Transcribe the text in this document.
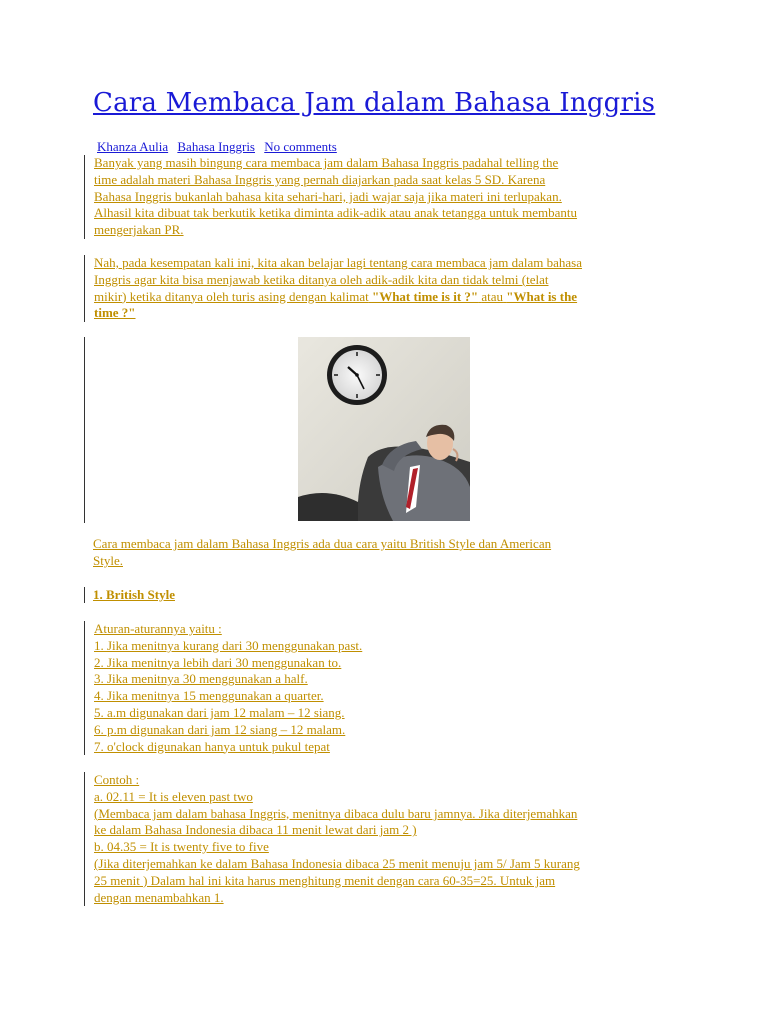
Cara Membaca Jam dalam Bahasa Inggris
Khanza Aulia Bahasa Inggris No comments
Banyak yang masih bingung cara membaca jam dalam Bahasa Inggris padahal telling the
time adalah materi Bahasa Inggris yang pernah diajarkan pada saat kelas 5 SD. Karena
Bahasa Inggris bukanlah bahasa kita sehari-hari, jadi wajar saja jika materi ini terlupakan.
Alhasil kita dibuat tak berkutik ketika diminta adik-adik atau anak tetangga untuk membantu
mengerjakan PR.
Nah, pada kesempatan kali ini, kita akan belajar lagi tentang cara membaca jam dalam bahasa
Inggris agar kita bisa menjawab ketika ditanya oleh adik-adik kita dan tidak telmi (telat
mikir) ketika ditanya oleh turis asing dengan kalimat "What time is it ?" atau "What is the
time ?"
Cara membaca jam dalam Bahasa Inggris ada dua cara yaitu British Style dan American
Style.
1. British Style
Aturan-aturannya yaitu :
1. Jika menitnya kurang dari 30 menggunakan past.
2. Jika menitnya lebih dari 30 menggunakan to.
3. Jika menitnya 30 menggunakan a half.
4. Jika menitnya 15 menggunakan a quarter.
5. a.m digunakan dari jam 12 malam – 12 siang.
6. p.m digunakan dari jam 12 siang – 12 malam.
7. o'clock digunakan hanya untuk pukul tepat
Contoh :
a. 02.11 = It is eleven past two
(Membaca jam dalam bahasa Inggris, menitnya dibaca dulu baru jamnya. Jika diterjemahkan
ke dalam Bahasa Indonesia dibaca 11 menit lewat dari jam 2 )
b. 04.35 = It is twenty five to five
(Jika diterjemahkan ke dalam Bahasa Indonesia dibaca 25 menit menuju jam 5/ Jam 5 kurang
25 menit ) Dalam hal ini kita harus menghitung menit dengan cara 60-35=25. Untuk jam
dengan menambahkan 1.
